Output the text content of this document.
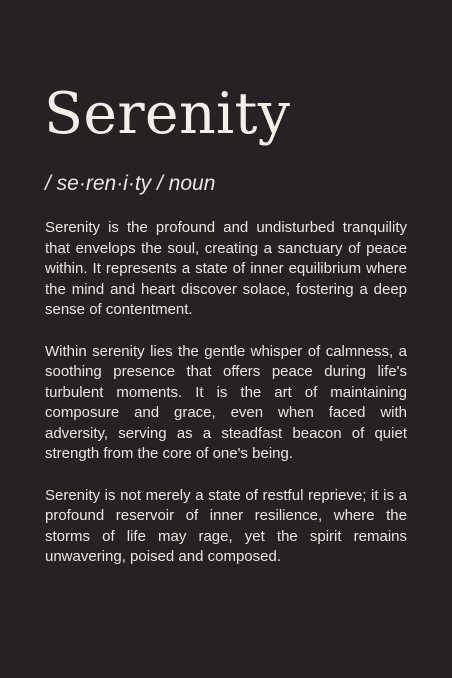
Serenity
/ se·ren·i·ty / noun

Serenity is the profound and undisturbed tranquility that envelops the soul, creating a sanctuary of peace within. It represents a state of inner equilibrium where the mind and heart discover solace, fostering a deep sense of contentment.

Within serenity lies the gentle whisper of calmness, a soothing presence that offers peace during life's turbulent moments. It is the art of maintaining composure and grace, even when faced with adversity, serving as a steadfast beacon of quiet strength from the core of one's being.

Serenity is not merely a state of restful reprieve; it is a profound reservoir of inner resilience, where the storms of life may rage, yet the spirit remains unwavering, poised and composed.
